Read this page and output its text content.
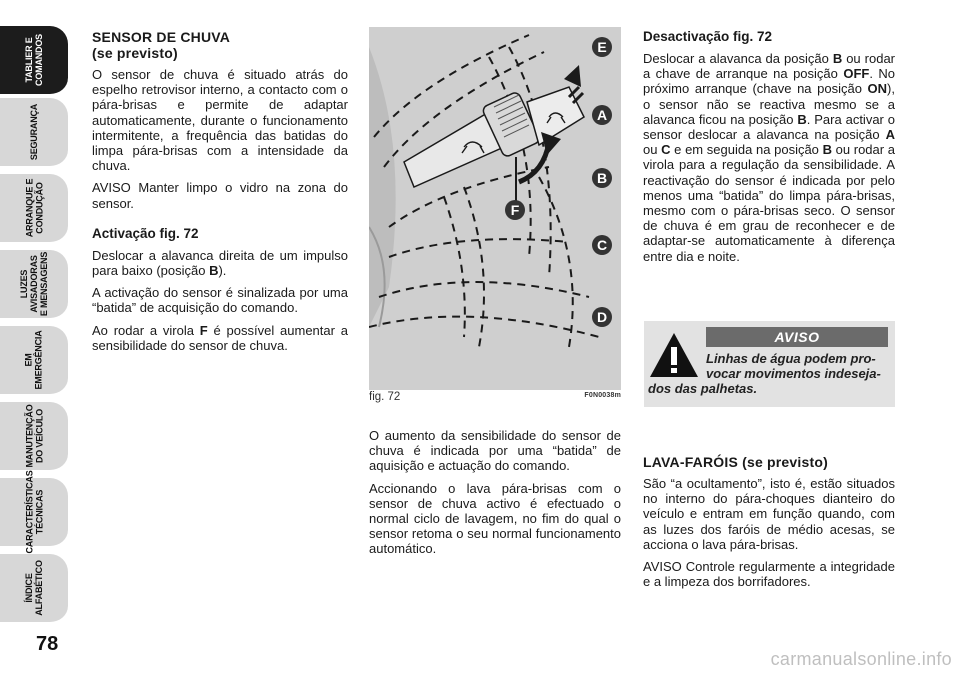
TABLIER E
COMANDOS
SEGURANÇA
ARRANQUE E
CONDUÇÃO
LUZES
AVISADORAS
E MENSAGENS
EM
EMERGÊNCIA
MANUTENÇÃO
DO VEÍCULO
CARACTERÍSTICAS
TÉCNICAS
ÍNDICE
ALFABÉTICO
78
SENSOR DE CHUVA
(se previsto)

O sensor de chuva é situado atrás do espelho retrovisor interno, a contacto com o pára-brisas e permite de adaptar automaticamente, durante o funcionamento intermitente, a frequência das batidas do limpa pára-brisas com a intensidade da chuva.

AVISO Manter limpo o vidro na zona do sensor.

Activação fig. 72

Deslocar a alavanca direita de um impulso para baixo (posição B).

A activação do sensor é sinalizada por uma “batida” de acquisição do comando.

Ao rodar a virola F é possível aumentar a sensibilidade do sensor de chuva.

E
A
B
C
D
F
fig. 72	F0N0038m

O aumento da sensibilidade do sensor de chuva é indicada por uma “batida” de aquisição e actuação do comando.

Accionando o lava pára-brisas com o sensor de chuva activo é efectuado o normal ciclo de lavagem, no fim do qual o sensor retoma o seu normal funcionamento automático.

Desactivação fig. 72

Deslocar a alavanca da posição B ou rodar a chave de arranque na posição OFF. No próximo arranque (chave na posição ON), o sensor não se reactiva mesmo se a alavanca ficou na posição B. Para activar o sensor deslocar a alavanca na posição A ou C e em seguida na posição B ou rodar a virola para a regulação da sensibilidade. A reactivação do sensor é indicada por pelo menos uma “batida” do limpa pára-brisas, mesmo com o pára-brisas seco. O sensor de chuva é em grau de reconhecer e de adaptar-se automaticamente à diferença entre dia e noite.

AVISO
Linhas de água podem pro-
vocar movimentos indeseja-
dos das palhetas.
LAVA-FARÓIS (se previsto)

São “a ocultamento”, isto é, estão situados no interno do pára-choques dianteiro do veículo e entram em função quando, com as luzes dos faróis de médio acesas, se acciona o lava pára-brisas.

AVISO Controle regularmente a integridade e a limpeza dos borrifadores.

carmanualsonline.info
